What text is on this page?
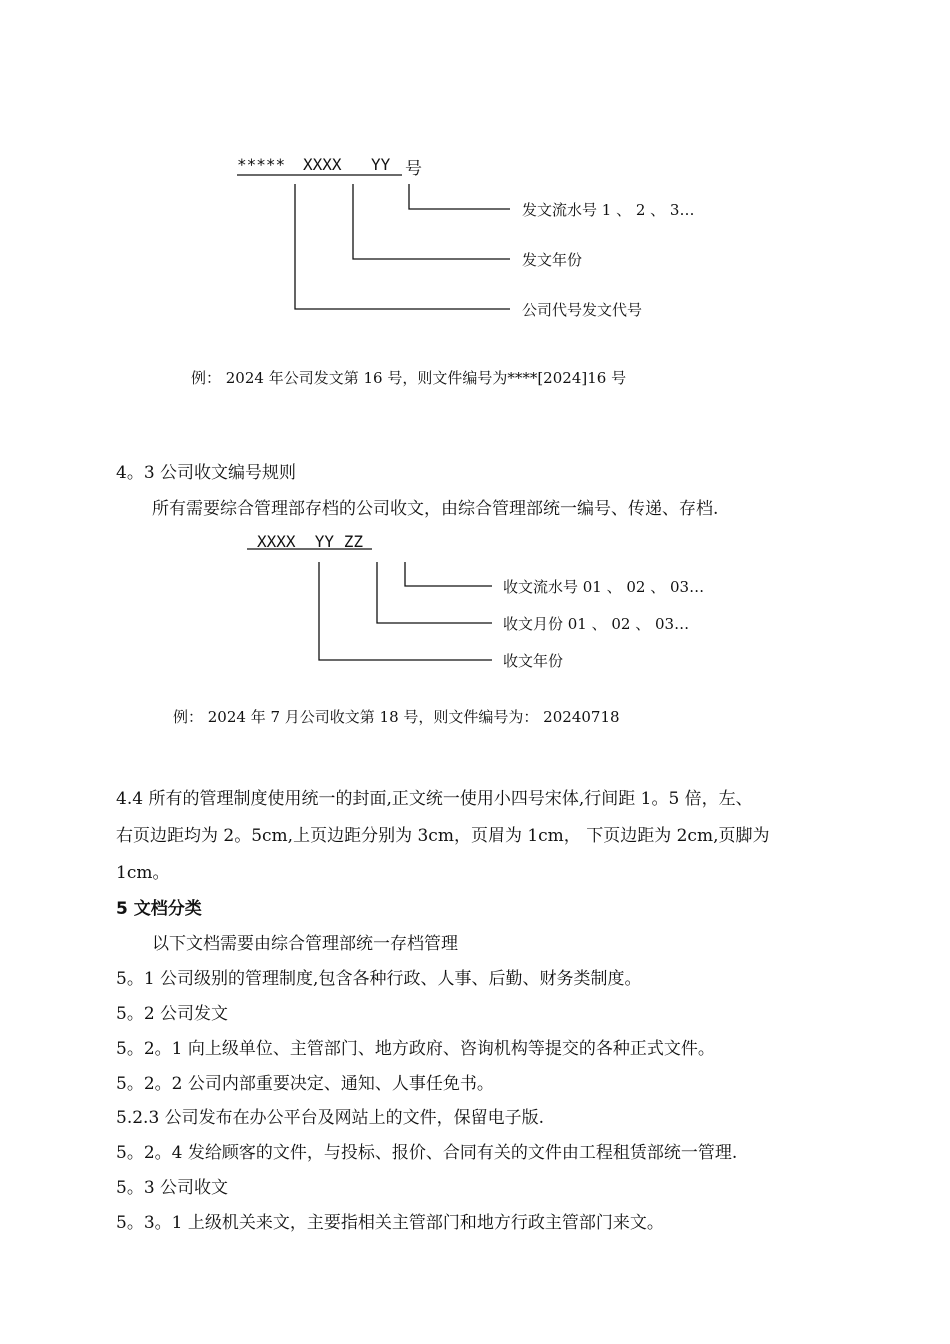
***** XXXX YY 号
发文流水号 1 、 2 、 3…
发文年份
公司代号发文代号
例： 2024 年公司发文第 16 号，则文件编号为****[2024]16 号
4。3 公司收文编号规则
所有需要综合管理部存档的公司收文，由综合管理部统一编号、传递、存档.
XXXX  YY ZZ
收文流水号 01 、 02 、 03…
收文月份 01 、 02 、 03…
收文年份
例： 2024 年 7 月公司收文第 18 号，则文件编号为： 20240718
4.4 所有的管理制度使用统一的封面,正文统一使用小四号宋体,行间距 1。5 倍，左、
右页边距均为 2。5cm,上页边距分别为 3cm，页眉为 1cm， 下页边距为 2cm,页脚为
1cm。
5 文档分类
以下文档需要由综合管理部统一存档管理
5。1 公司级别的管理制度,包含各种行政、人事、后勤、财务类制度。
5。2 公司发文
5。2。1 向上级单位、主管部门、地方政府、咨询机构等提交的各种正式文件。
5。2。2 公司内部重要决定、通知、人事任免书。
5.2.3 公司发布在办公平台及网站上的文件，保留电子版.
5。2。4 发给顾客的文件，与投标、报价、合同有关的文件由工程租赁部统一管理.
5。3 公司收文
5。3。1 上级机关来文，主要指相关主管部门和地方行政主管部门来文。
